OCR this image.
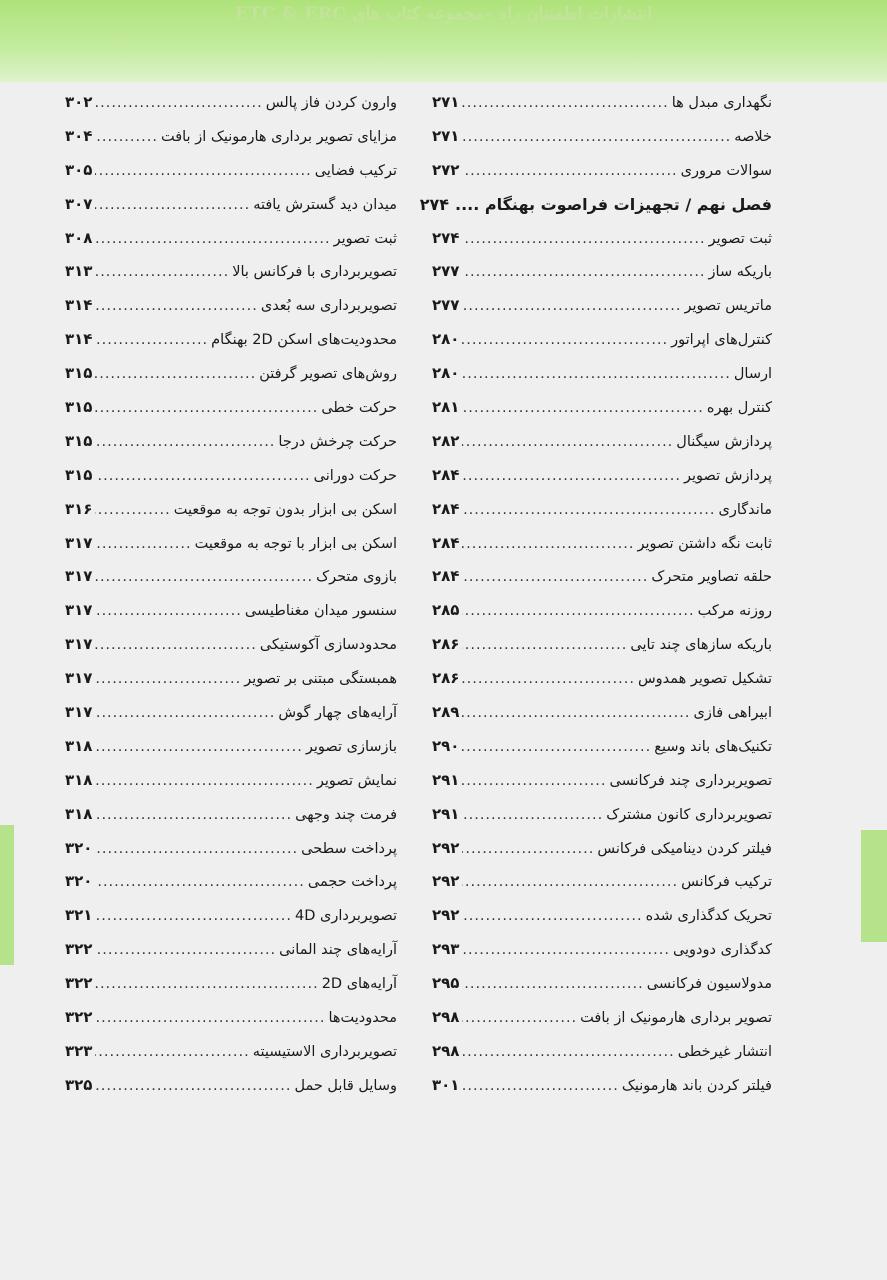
انتشارات اطمینان راه –مجموعه کتاب های ETC & ERC
نگهداری مبدل ها
.....
۲۷۱
خلاصه
.....
۲۷۱
سوالات مروری
.....
۲۷۲
فصل نهم / تجهیزات فراصوت بهنگام ....
۲۷۴
ثبت تصویر
.....
۲۷۴
باریکه ساز
.....
۲۷۷
ماتریس تصویر
.....
۲۷۷
کنترل‌های اپراتور
.....
۲۸۰
ارسال
.....
۲۸۰
کنترل بهره
.....
۲۸۱
پردازش سیگنال
.....
۲۸۲
پردازش تصویر
.....
۲۸۴
ماندگاری
.....
۲۸۴
ثابت نگه داشتن تصویر
.....
۲۸۴
حلقه تصاویر متحرک
.....
۲۸۴
روزنه مرکب
.....
۲۸۵
باریکه سازهای چند تایی
.....
۲۸۶
تشکیل تصویر همدوس
.....
۲۸۶
ابیراهی فازی
.....
۲۸۹
تکنیک‌های باند وسیع
.....
۲۹۰
تصویربرداری چند فرکانسی
.....
۲۹۱
تصویربرداری کانون مشترک
.....
۲۹۱
فیلتر کردن دینامیکی فرکانس
.....
۲۹۲
ترکیب فرکانس
.....
۲۹۲
تحریک کدگذاری شده
.....
۲۹۲
کدگذاری دودویی
.....
۲۹۳
مدولاسیون فرکانسی
.....
۲۹۵
تصویر برداری هارمونیک از بافت
.....
۲۹۸
انتشار غیرخطی
.....
۲۹۸
فیلتر کردن باند هارمونیک
.....
۳۰۱
وارون کردن فاز پالس
.....
۳۰۲
مزایای تصویر برداری هارمونیک از بافت
.....
۳۰۴
ترکیب فضایی
.....
۳۰۵
میدان دید گسترش یافته
.....
۳۰۷
ثبت تصویر
.....
۳۰۸
تصویربرداری با فرکانس بالا
.....
۳۱۳
تصویربرداری سه بُعدی
.....
۳۱۴
محدودیت‌های اسکن 2D بهنگام
.....
۳۱۴
روش‌های تصویر گرفتن
.....
۳۱۵
حرکت خطی
.....
۳۱۵
حرکت چرخش درجا
.....
۳۱۵
حرکت دورانی
.....
۳۱۵
اسکن بی ابزار بدون توجه به موقعیت
.....
۳۱۶
اسکن بی ابزار با توجه به موقعیت
.....
۳۱۷
بازوی متحرک
.....
۳۱۷
سنسور میدان مغناطیسی
.....
۳۱۷
محدودسازی آکوستیکی
.....
۳۱۷
همبستگی مبتنی بر تصویر
.....
۳۱۷
آرایه‌های چهار گوش
.....
۳۱۷
بازسازی تصویر
.....
۳۱۸
نمایش تصویر
.....
۳۱۸
فرمت چند وجهی
.....
۳۱۸
پرداخت سطحی
.....
۳۲۰
پرداخت حجمی
.....
۳۲۰
تصویربرداری 4D
.....
۳۲۱
آرایه‌های چند المانی
.....
۳۲۲
آرایه‌های 2D
.....
۳۲۲
محدودیت‌ها
.....
۳۲۲
تصویربرداری الاستیسیته
.....
۳۲۳
وسایل قابل حمل
.....
۳۲۵
